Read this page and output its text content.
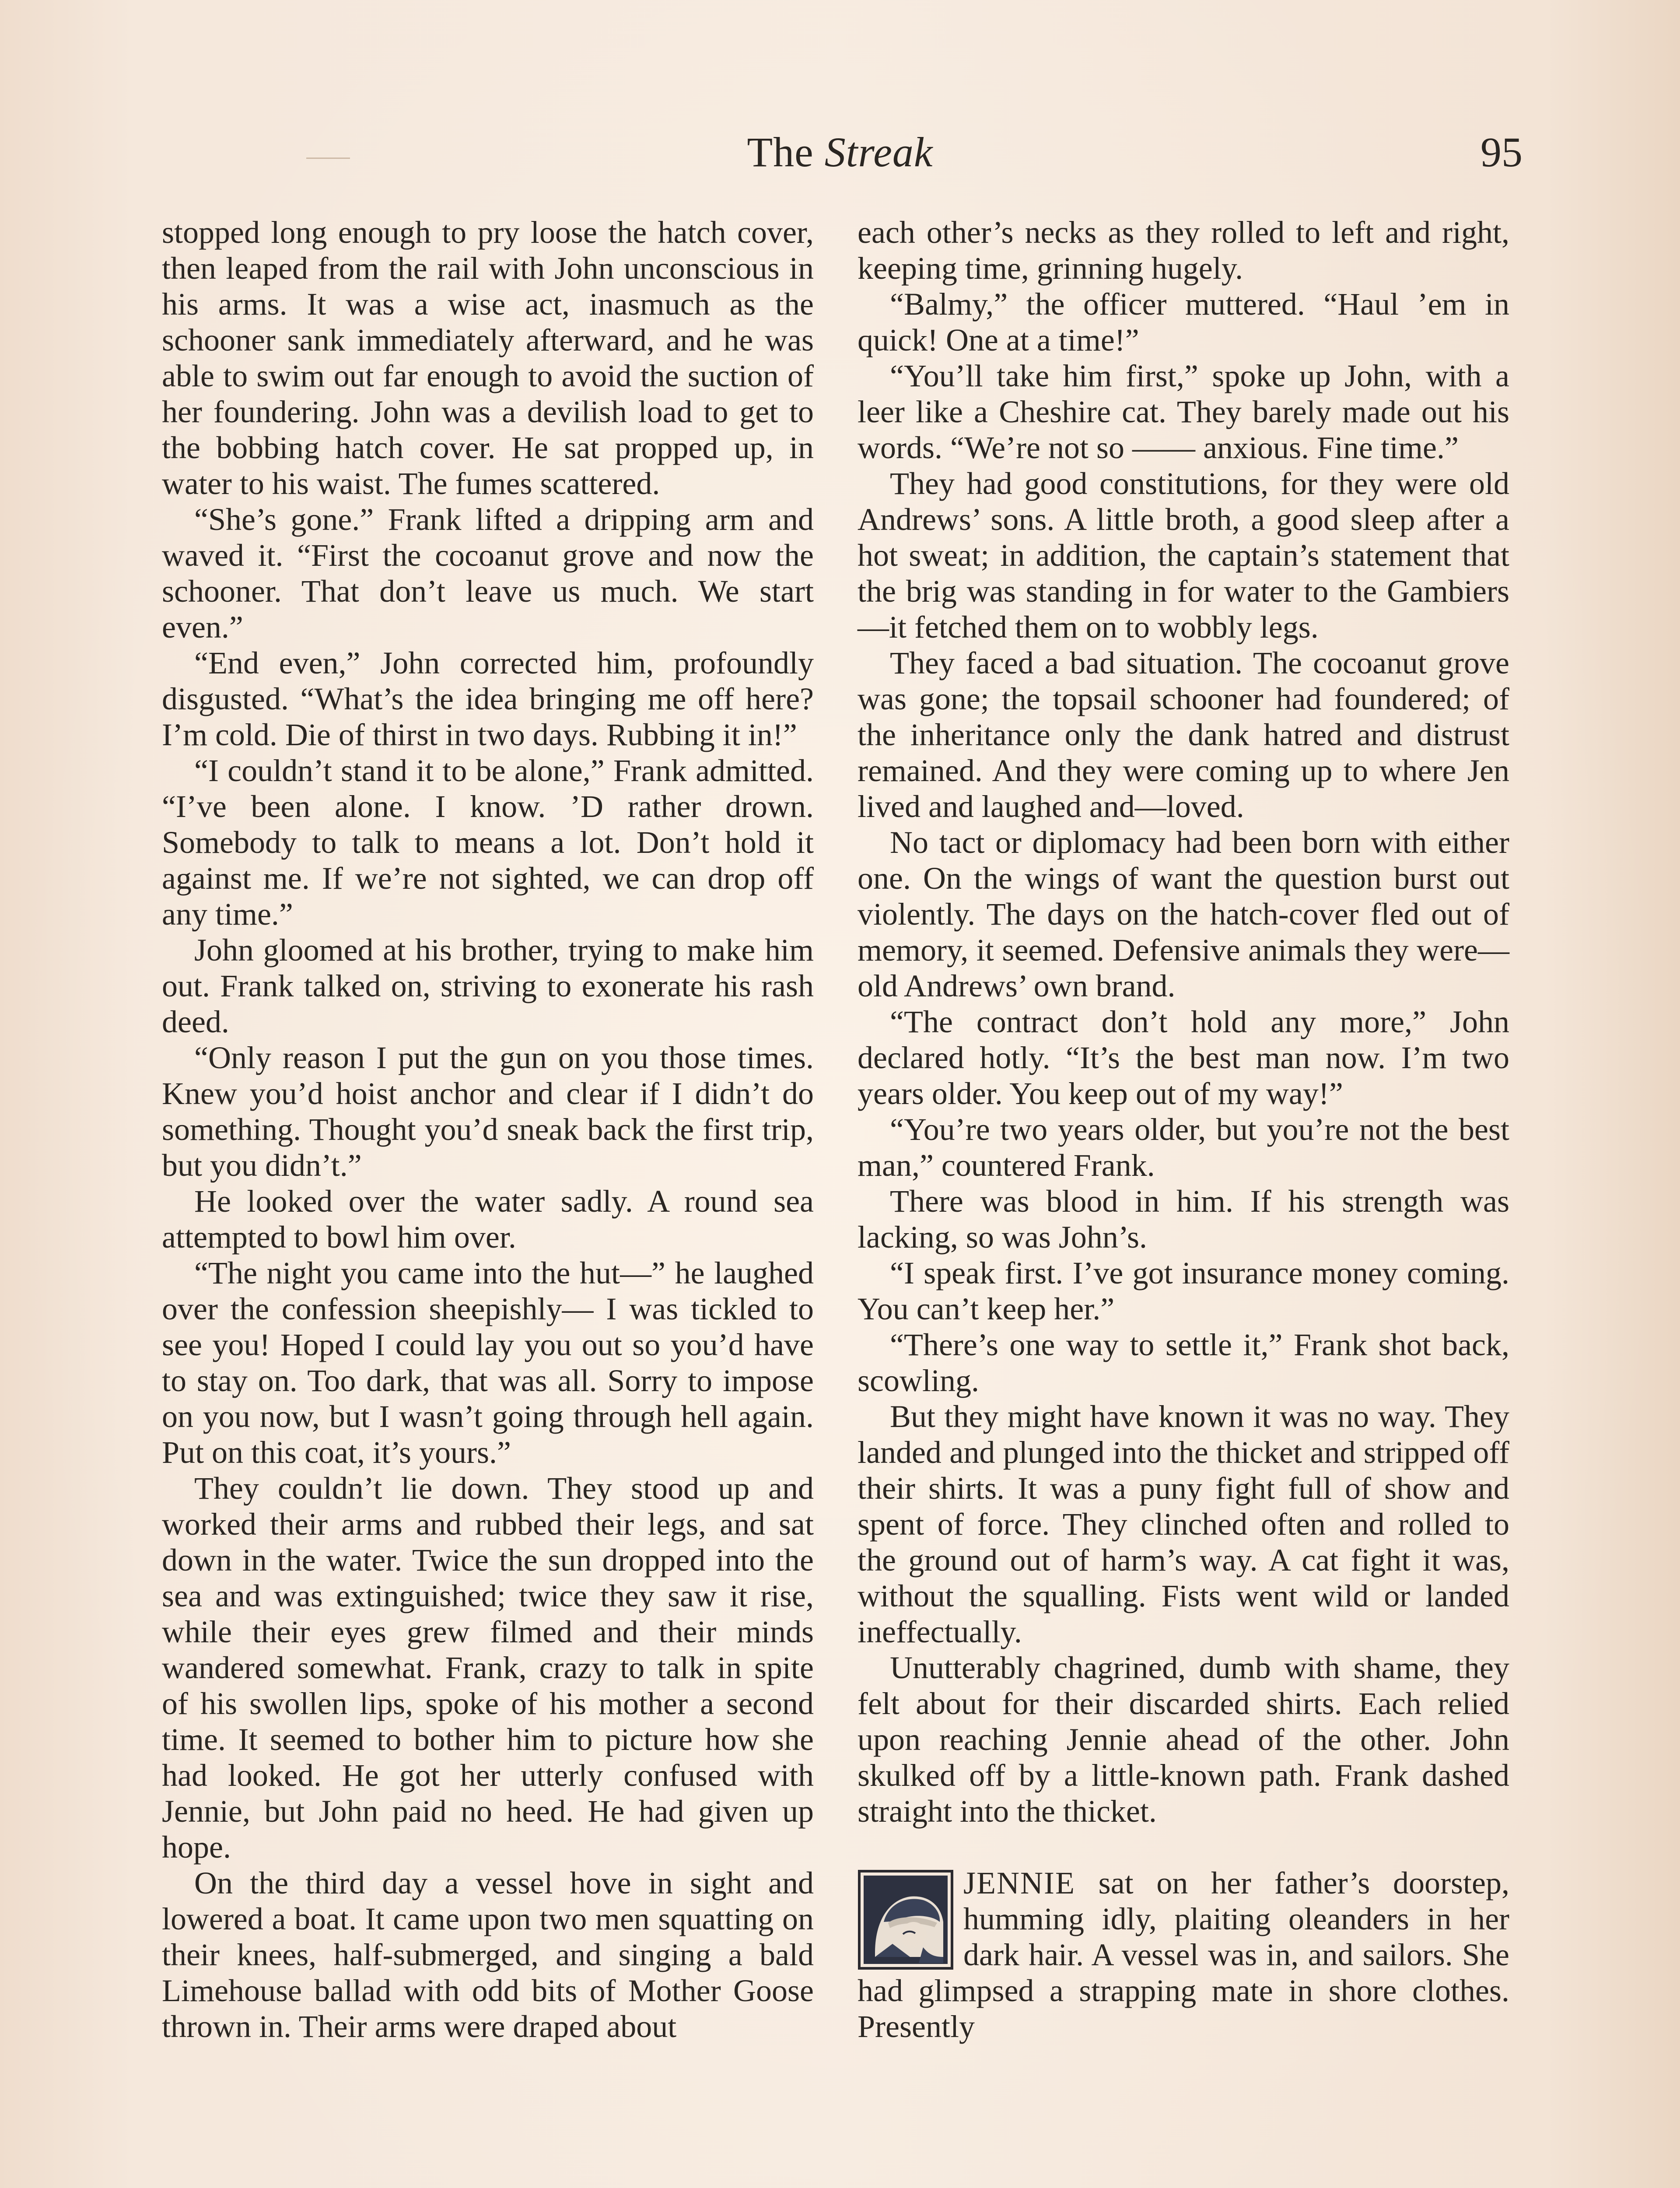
The Streak	95

stopped long enough to pry loose the hatch cover, then leaped from the rail with John unconscious in his arms. It was a wise act, inasmuch as the schooner sank immediately afterward, and he was able to swim out far enough to avoid the suction of her foundering. John was a devilish load to get to the bobbing hatch cover. He sat propped up, in water to his waist. The fumes scattered.

“She’s gone.” Frank lifted a dripping arm and waved it. “First the cocoanut grove and now the schooner. That don’t leave us much. We start even.”

“End even,” John corrected him, profoundly disgusted. “What’s the idea bringing me off here? I’m cold. Die of thirst in two days. Rubbing it in!”

“I couldn’t stand it to be alone,” Frank admitted. “I’ve been alone. I know. ’D rather drown. Somebody to talk to means a lot. Don’t hold it against me. If we’re not sighted, we can drop off any time.”

John gloomed at his brother, trying to make him out. Frank talked on, striving to exonerate his rash deed.

“Only reason I put the gun on you those times. Knew you’d hoist anchor and clear if I didn’t do something. Thought you’d sneak back the first trip, but you didn’t.”

He looked over the water sadly. A round sea attempted to bowl him over.

“The night you came into the hut—” he laughed over the confession sheepishly— I was tickled to see you! Hoped I could lay you out so you’d have to stay on. Too dark, that was all. Sorry to impose on you now, but I wasn’t going through hell again. Put on this coat, it’s yours.”

They couldn’t lie down. They stood up and worked their arms and rubbed their legs, and sat down in the water. Twice the sun dropped into the sea and was extinguished; twice they saw it rise, while their eyes grew filmed and their minds wandered somewhat. Frank, crazy to talk in spite of his swollen lips, spoke of his mother a second time. It seemed to bother him to picture how she had looked. He got her utterly confused with Jennie, but John paid no heed. He had given up hope.

On the third day a vessel hove in sight and lowered a boat. It came upon two men squatting on their knees, half-submerged, and singing a bald Limehouse ballad with odd bits of Mother Goose thrown in. Their arms were draped about

each other’s necks as they rolled to left and right, keeping time, grinning hugely.

“Balmy,” the officer muttered. “Haul ’em in quick! One at a time!”

“You’ll take him first,” spoke up John, with a leer like a Cheshire cat. They barely made out his words. “We’re not so —— anxious. Fine time.”

They had good constitutions, for they were old Andrews’ sons. A little broth, a good sleep after a hot sweat; in addition, the captain’s statement that the brig was standing in for water to the Gambiers—it fetched them on to wobbly legs.

They faced a bad situation. The cocoanut grove was gone; the topsail schooner had foundered; of the inheritance only the dank hatred and distrust remained. And they were coming up to where Jen lived and laughed and—loved.

No tact or diplomacy had been born with either one. On the wings of want the question burst out violently. The days on the hatch-cover fled out of memory, it seemed. Defensive animals they were—old Andrews’ own brand.

“The contract don’t hold any more,” John declared hotly. “It’s the best man now. I’m two years older. You keep out of my way!”

“You’re two years older, but you’re not the best man,” countered Frank.

There was blood in him. If his strength was lacking, so was John’s.

“I speak first. I’ve got insurance money coming. You can’t keep her.”

“There’s one way to settle it,” Frank shot back, scowling.

But they might have known it was no way. They landed and plunged into the thicket and stripped off their shirts. It was a puny fight full of show and spent of force. They clinched often and rolled to the ground out of harm’s way. A cat fight it was, without the squalling. Fists went wild or landed ineffectually.

Unutterably chagrined, dumb with shame, they felt about for their discarded shirts. Each relied upon reaching Jennie ahead of the other. John skulked off by a little-known path. Frank dashed straight into the thicket.

JENNIE sat on her father’s doorstep, humming idly, plaiting oleanders in her dark hair. A vessel was in, and sailors. She had glimpsed a strapping mate in shore clothes. Presently
